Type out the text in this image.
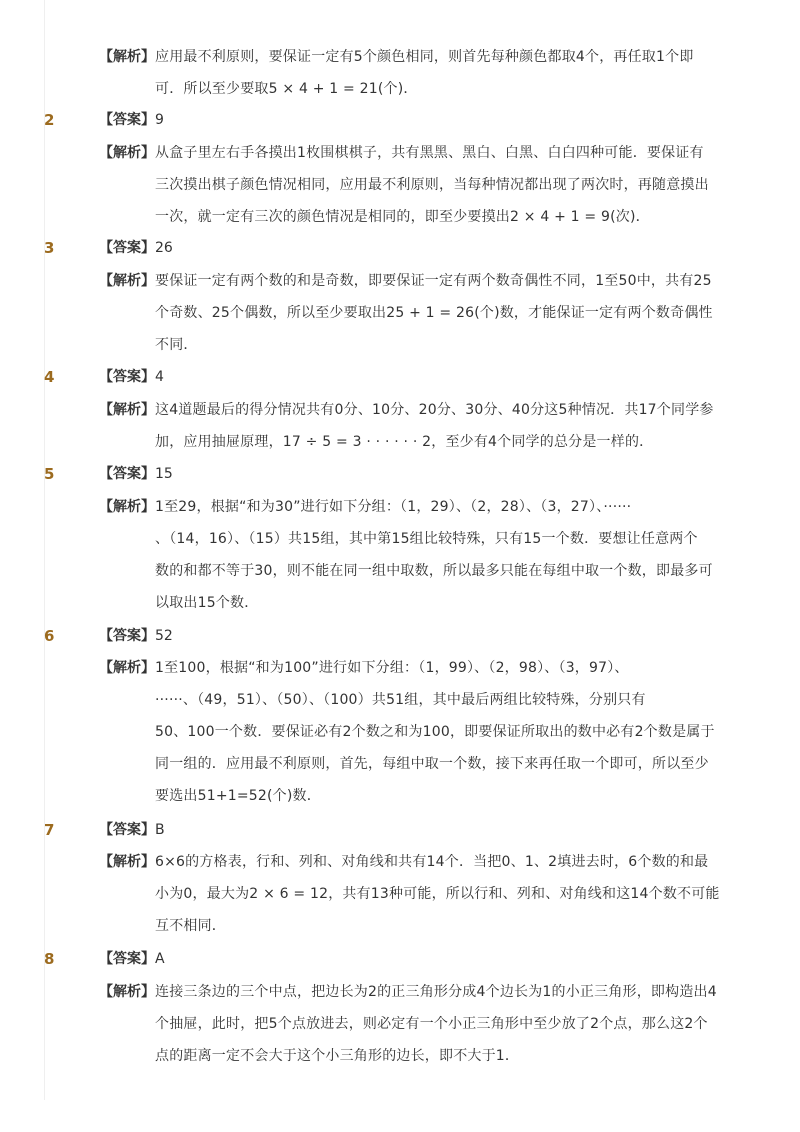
【解析】 应用最不利原则，要保证一定有5个颜色相同，则首先每种颜色都取4个，再任取1个即
可．所以至少要取5 × 4 + 1 = 21(个)．
2	【答案】 9
【解析】 从盒子里左右手各摸出1枚围棋棋子，共有黑黑、黑白、白黑、白白四种可能．要保证有
三次摸出棋子颜色情况相同，应用最不利原则，当每种情况都出现了两次时，再随意摸出
一次，就一定有三次的颜色情况是相同的，即至少要摸出2 × 4 + 1 = 9(次)．
3	【答案】 26
【解析】 要保证一定有两个数的和是奇数，即要保证一定有两个数奇偶性不同，1至50中，共有25
个奇数、25个偶数，所以至少要取出25 + 1 = 26(个)数，才能保证一定有两个数奇偶性
不同．
4	【答案】 4
【解析】 这4道题最后的得分情况共有0分、10分、20分、30分、40分这5种情况．共17个同学参
加，应用抽屉原理，17 ÷ 5 = 3 · · · · · · 2，至少有4个同学的总分是一样的．
5	【答案】 15
【解析】 1至29，根据“和为30”进行如下分组：（1，29）、（2，28）、（3，27）、······
、（14，16）、（15）共15组，其中第15组比较特殊，只有15一个数．要想让任意两个
数的和都不等于30，则不能在同一组中取数，所以最多只能在每组中取一个数，即最多可
以取出15个数．
6	【答案】 52
【解析】 1至100，根据“和为100”进行如下分组：（1，99）、（2，98）、（3，97）、
······、（49，51）、（50）、（100）共51组，其中最后两组比较特殊，分别只有
50、100一个数．要保证必有2个数之和为100，即要保证所取出的数中必有2个数是属于
同一组的．应用最不利原则，首先，每组中取一个数，接下来再任取一个即可，所以至少
要选出51+1=52(个)数．
7	【答案】 B
【解析】 6×6的方格表，行和、列和、对角线和共有14个．当把0、1、2填进去时，6个数的和最
小为0，最大为2 × 6 = 12，共有13种可能，所以行和、列和、对角线和这14个数不可能
互不相同．
8	【答案】 A
【解析】 连接三条边的三个中点，把边长为2的正三角形分成4个边长为1的小正三角形，即构造出4
个抽屉，此时，把5个点放进去，则必定有一个小正三角形中至少放了2个点，那么这2个
点的距离一定不会大于这个小三角形的边长，即不大于1．
